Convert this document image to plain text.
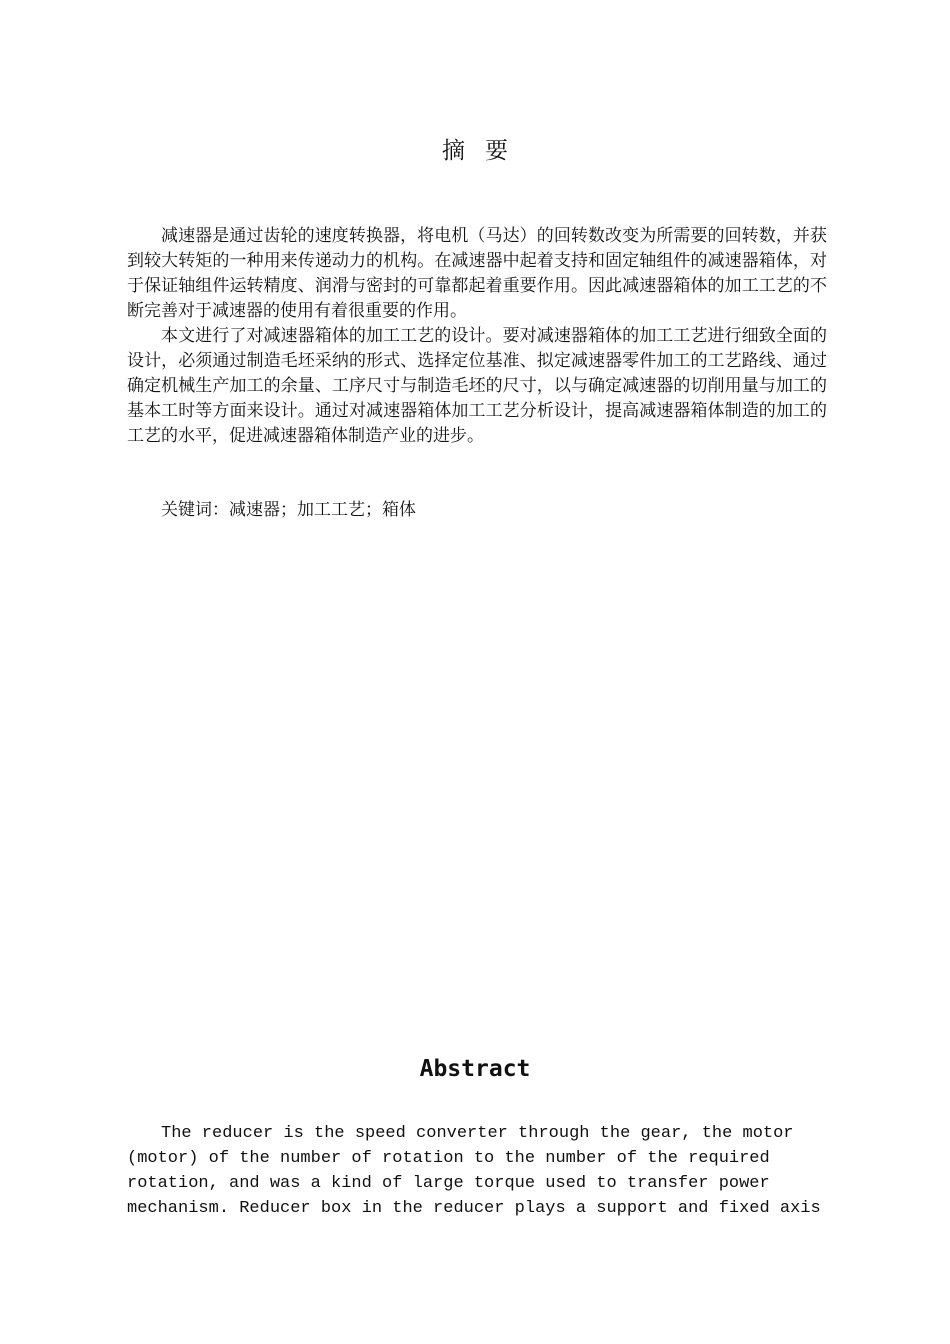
摘要

减速器是通过齿轮的速度转换器，将电机（马达）的回转数改变为所需要的回转数，并获到较大转矩的一种用来传递动力的机构。在减速器中起着支持和固定轴组件的减速器箱体，对于保证轴组件运转精度、润滑与密封的可靠都起着重要作用。因此减速器箱体的加工工艺的不断完善对于减速器的使用有着很重要的作用。

本文进行了对减速器箱体的加工工艺的设计。要对减速器箱体的加工工艺进行细致全面的设计，必须通过制造毛坯采纳的形式、选择定位基准、拟定减速器零件加工的工艺路线、通过确定机械生产加工的余量、工序尺寸与制造毛坯的尺寸，以与确定减速器的切削用量与加工的基本工时等方面来设计。通过对减速器箱体加工工艺分析设计，提高减速器箱体制造的加工的工艺的水平，促进减速器箱体制造产业的进步。

关键词：减速器；加工工艺；箱体
Abstract

The reducer is the speed converter through the gear, the motor

(motor) of the number of rotation to the number of the required
rotation, and was a kind of large torque used to transfer power
mechanism. Reducer box in the reducer plays a support and fixed axis
